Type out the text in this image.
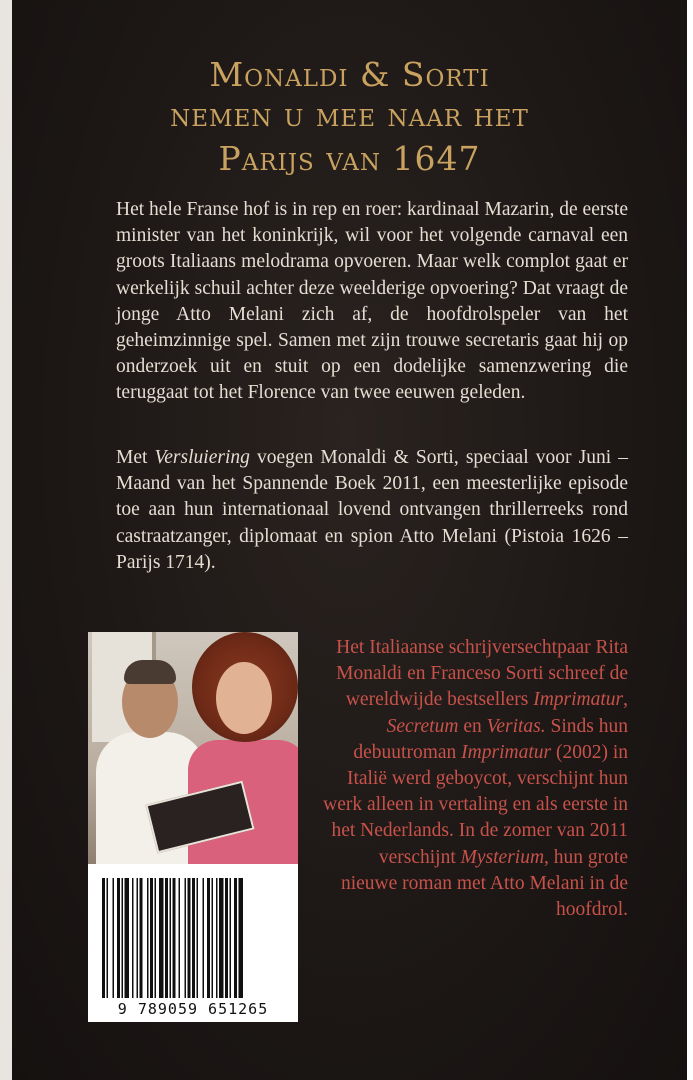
Monaldi & Sorti
nemen u mee naar het
Parijs van 1647

Het hele Franse hof is in rep en roer: kardinaal Mazarin, de eerste minister van het koninkrijk, wil voor het volgende carnaval een groots Italiaans melodrama opvoeren. Maar welk complot gaat er werkelijk schuil achter deze weelderige opvoering? Dat vraagt de jonge Atto Melani zich af, de hoofdrolspeler van het geheimzinnige spel. Samen met zijn trouwe secretaris gaat hij op onderzoek uit en stuit op een dodelijke samenzwering die teruggaat tot het Florence van twee eeuwen geleden.

Met Versluiering voegen Monaldi & Sorti, speciaal voor Juni – Maand van het Spannende Boek 2011, een meesterlijke episode toe aan hun internationaal lovend ontvangen thrillerreeks rond castraatzanger, diplomaat en spion Atto Melani (Pistoia 1626 – Parijs 1714).

9 789059 651265

Het Italiaanse schrijversechtpaar Rita Monaldi en Franceso Sorti schreef de wereldwijde bestsellers Imprimatur, Secretum en Veritas. Sinds hun debuutroman Imprimatur (2002) in Italië werd geboycot, verschijnt hun werk alleen in vertaling en als eerste in het Nederlands. In de zomer van 2011 verschijnt Mysterium, hun grote nieuwe roman met Atto Melani in de hoofdrol.
